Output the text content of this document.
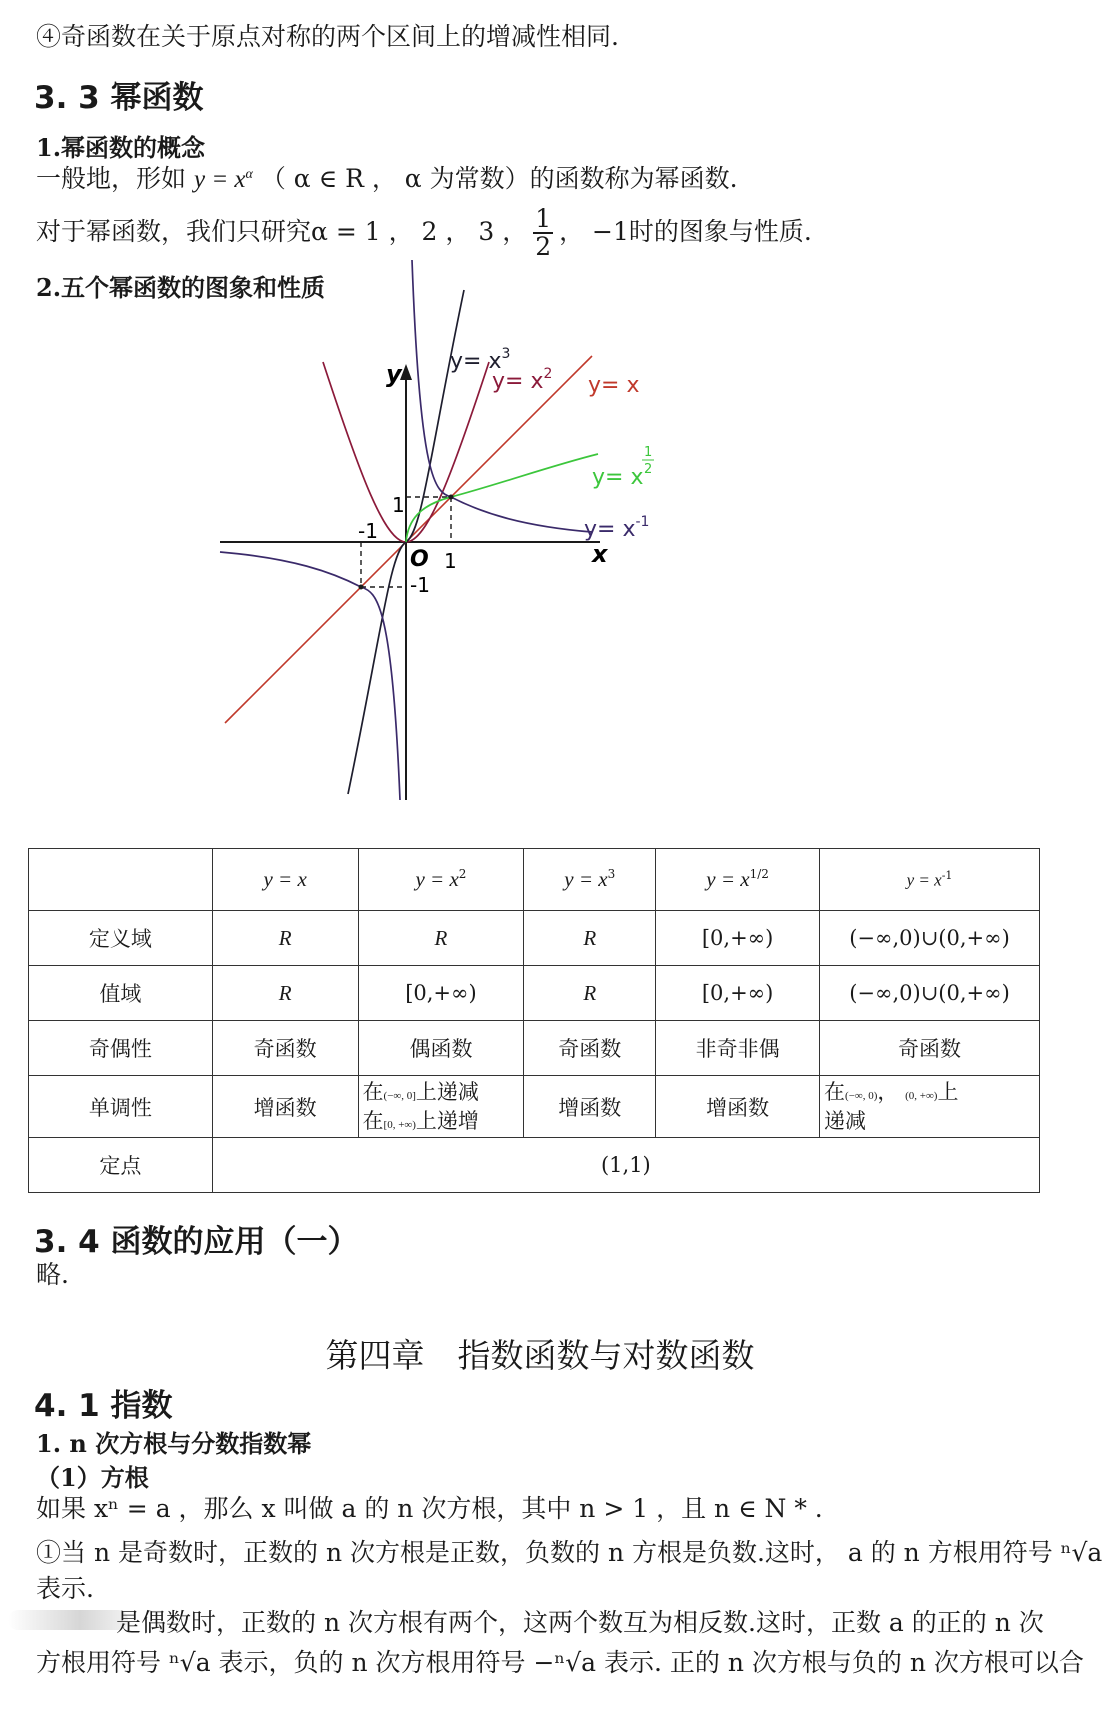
④奇函数在关于原点对称的两个区间上的增减性相同.
3. 3 幂函数
1.幂函数的概念
一般地，形如 $y = x^\alpha$ （ α ∈ R ， α 为常数）的函数称为幂函数.
对于幂函数，我们只研究α = 1 ， 2 ， 3 ， $\frac{1}{2}$ ， −1时的图象与性质.
2.五个幂函数的图象和性质
y
x
O 1
1
-1
-1
$y= x^3$
$y= x^2$ y= x
y= x
1
2
$y= x^{-1}$
	y = x	$y = x^2$	$y = x^3$	$y = x^{1/2}$	$y = x^{-1}$
定义域	R	R	R	[0,+∞)	(−∞,0)∪(0,+∞)
值域	R	[0,+∞)	R	[0,+∞)	(−∞,0)∪(0,+∞)
奇偶性	奇函数	偶函数	奇函数	非奇非偶	奇函数
单调性	增函数	在(−∞, 0]上递减
在[0, +∞)上递增	增函数	增函数	在(−∞, 0)， (0, +∞)上
递减
定点	(1,1)				
3. 4 函数的应用（一）
略.
第四章　指数函数与对数函数
4. 1 指数
1. n 次方根与分数指数幂
（1）方根
如果 xⁿ = a ，那么 x 叫做 a 的 n 次方根，其中 n > 1 ，且 n ∈ N * .
①当 n 是奇数时，正数的 n 次方根是正数，负数的 n 方根是负数.这时， a 的 n 方根用符号 ⁿ√a
表示.
是偶数时，正数的 n 次方根有两个，这两个数互为相反数.这时，正数 a 的正的 n 次
方根用符号 ⁿ√a 表示，负的 n 次方根用符号 −ⁿ√a 表示. 正的 n 次方根与负的 n 次方根可以合
